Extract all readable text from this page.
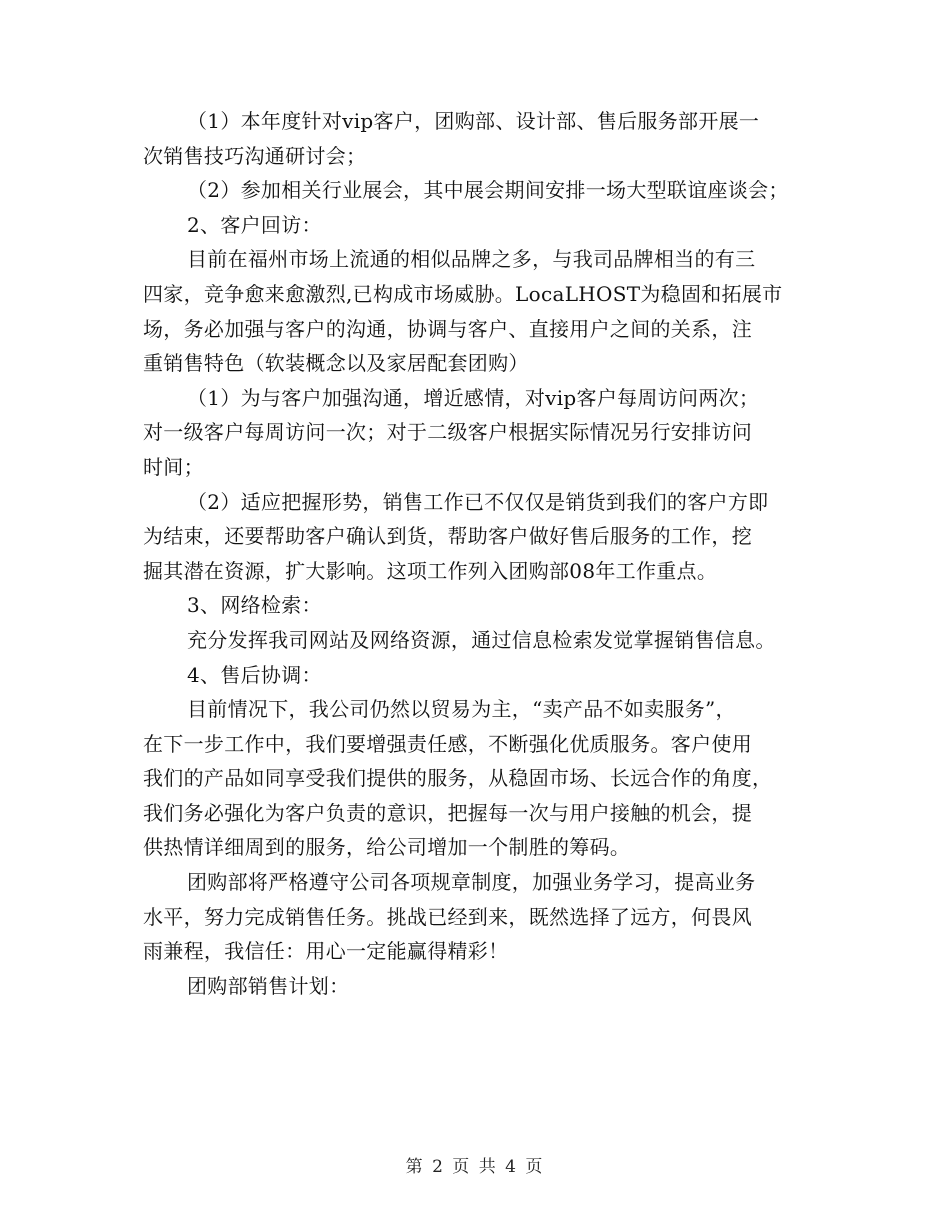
（1）本年度针对vip客户，团购部、设计部、售后服务部开展一
次销售技巧沟通研讨会；
（2）参加相关行业展会，其中展会期间安排一场大型联谊座谈会；
2、客户回访：
目前在福州市场上流通的相似品牌之多，与我司品牌相当的有三
四家，竞争愈来愈激烈,已构成市场威胁。LocaLHOST为稳固和拓展市
场，务必加强与客户的沟通，协调与客户、直接用户之间的关系，注
重销售特色（软装概念以及家居配套团购）
（1）为与客户加强沟通，增近感情，对vip客户每周访问两次；
对一级客户每周访问一次；对于二级客户根据实际情况另行安排访问
时间；
（2）适应把握形势，销售工作已不仅仅是销货到我们的客户方即
为结束，还要帮助客户确认到货，帮助客户做好售后服务的工作，挖
掘其潜在资源，扩大影响。这项工作列入团购部08年工作重点。
3、网络检索：
充分发挥我司网站及网络资源，通过信息检索发觉掌握销售信息。
4、售后协调：
目前情况下，我公司仍然以贸易为主，“卖产品不如卖服务”，
在下一步工作中，我们要增强责任感，不断强化优质服务。客户使用
我们的产品如同享受我们提供的服务，从稳固市场、长远合作的角度，
我们务必强化为客户负责的意识，把握每一次与用户接触的机会，提
供热情详细周到的服务，给公司增加一个制胜的筹码。
团购部将严格遵守公司各项规章制度，加强业务学习，提高业务
水平，努力完成销售任务。挑战已经到来，既然选择了远方，何畏风
雨兼程，我信任：用心一定能赢得精彩！
团购部销售计划：
第 2 页 共 4 页
